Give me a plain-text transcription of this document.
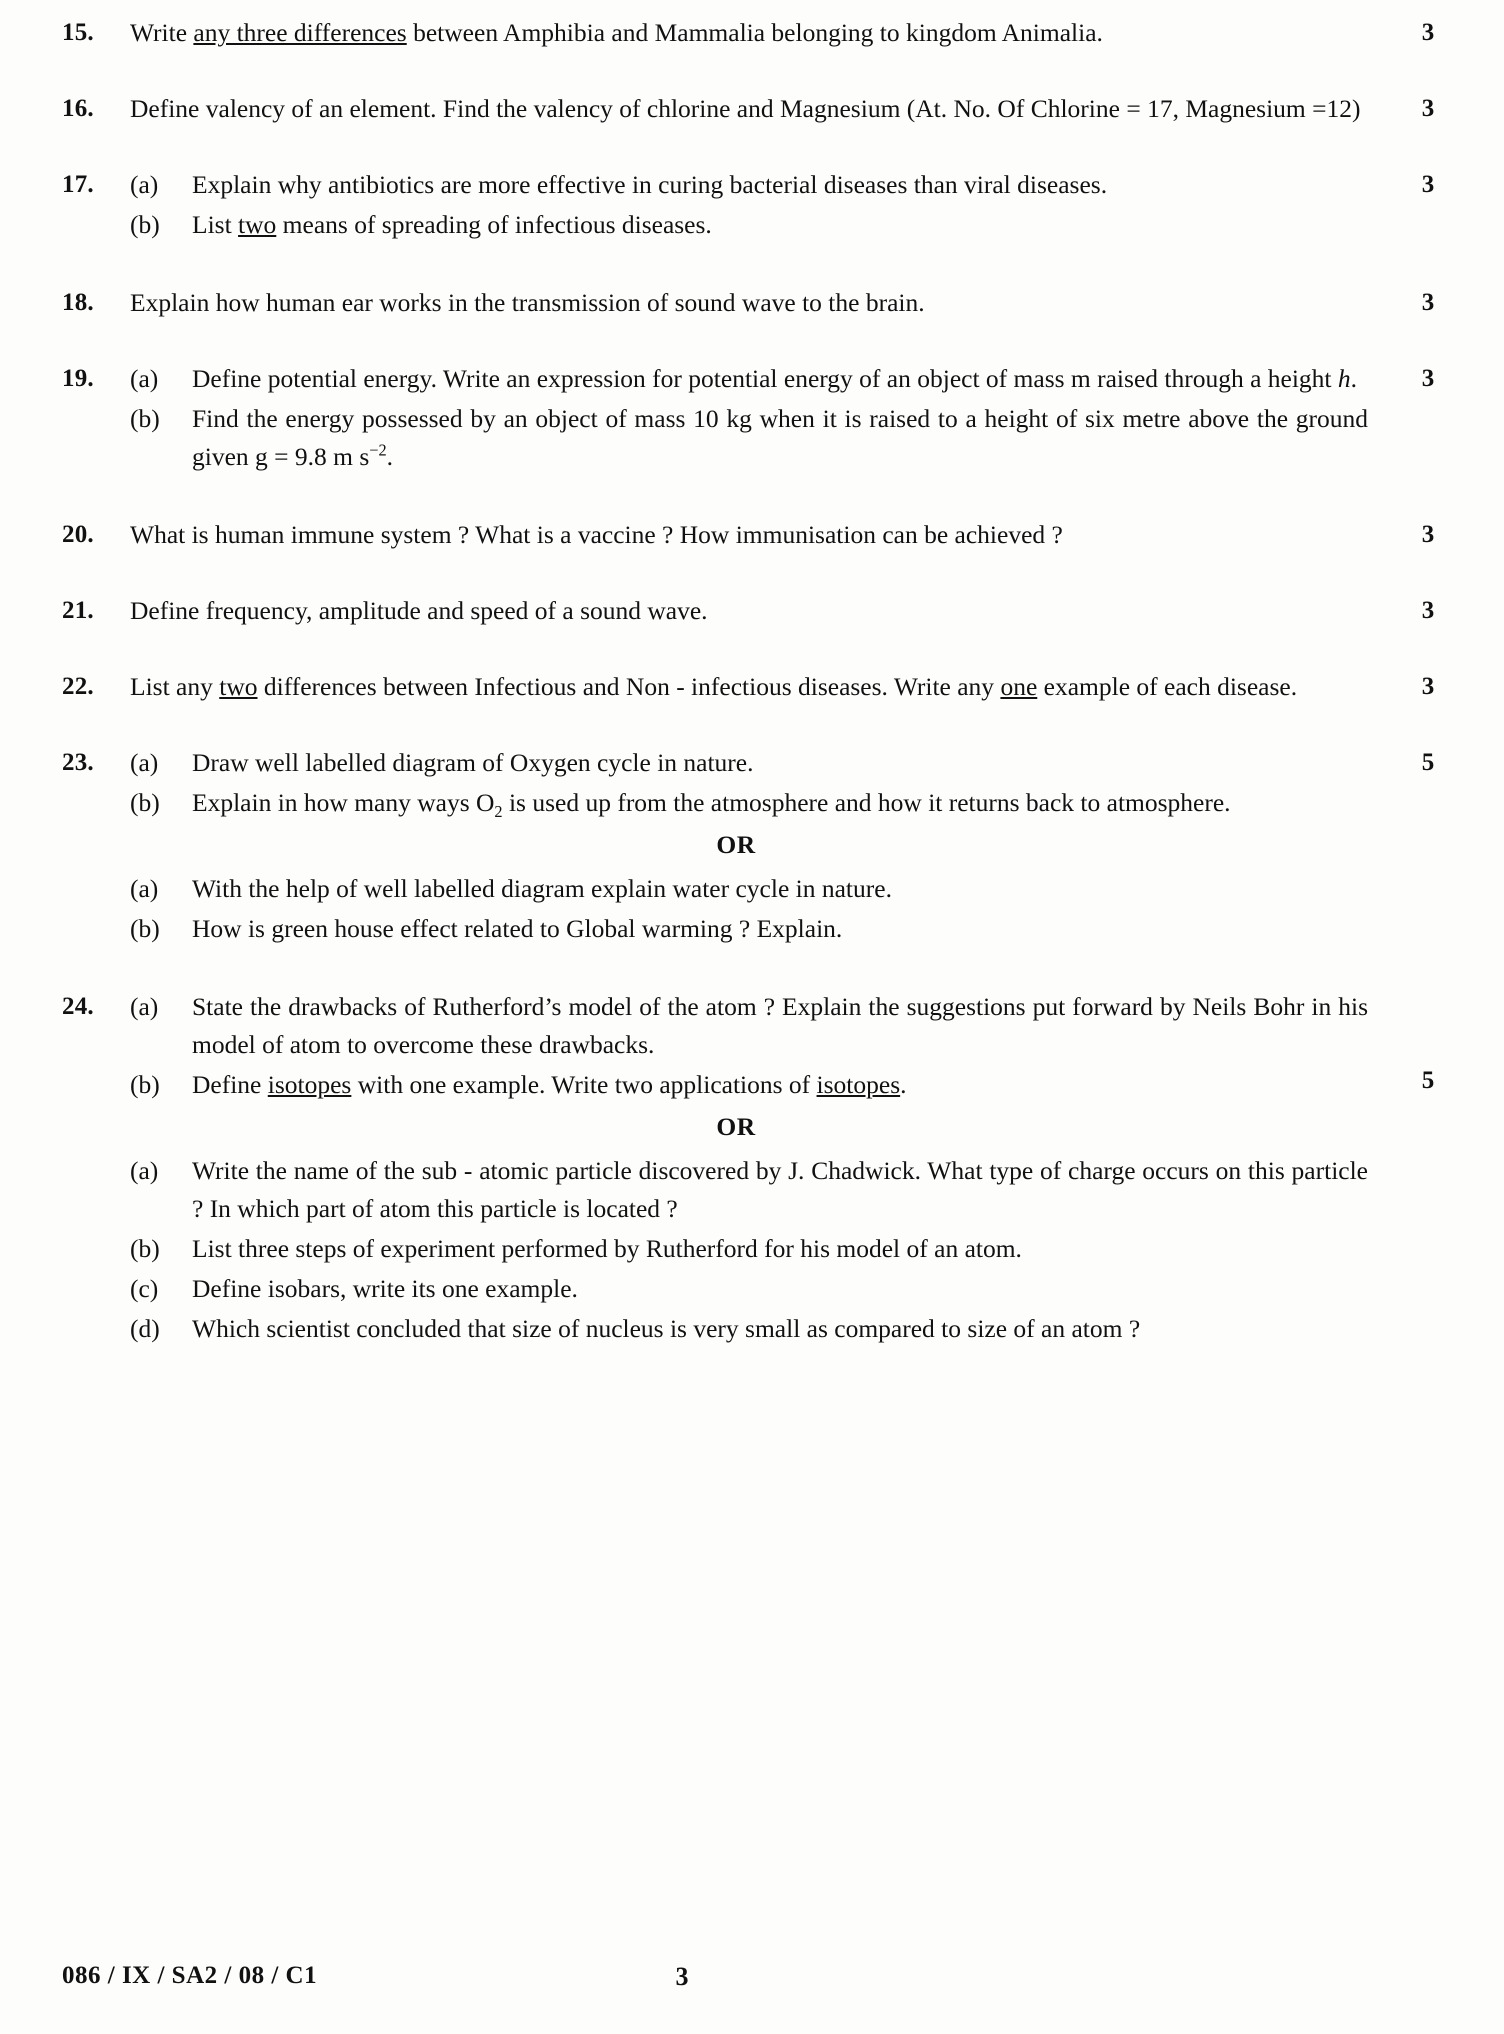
15.	Write any three differences between Amphibia and Mammalia belonging to kingdom Animalia.	3
16.	Define valency of an element. Find the valency of chlorine and Magnesium (At. No. Of Chlorine = 17, Magnesium =12)	3
17.	(a)	Explain why antibiotics are more effective in curing bacterial diseases than viral diseases.
(b)	List two means of spreading of infectious diseases.
3
18.	Explain how human ear works in the transmission of sound wave to the brain.	3
19.	(a)	Define potential energy. Write an expression for potential energy of an object of mass m raised through a height h.
(b)	Find the energy possessed by an object of mass 10 kg when it is raised to a height of six metre above the ground given g = 9.8 m $s^{-2}$.
3
20.	What is human immune system ? What is a vaccine ? How immunisation can be achieved ?	3
21.	Define frequency, amplitude and speed of a sound wave.	3
22.	List any two differences between Infectious and Non - infectious diseases. Write any one example of each disease.	3
23.	(a)	Draw well labelled diagram of Oxygen cycle in nature.
(b)	Explain in how many ways $O_2$ is used up from the atmosphere and how it returns back to atmosphere.
OR
(a)	With the help of well labelled diagram explain water cycle in nature.
(b)	How is green house effect related to Global warming ? Explain.
5
24.	(a)	State the drawbacks of Rutherford’s model of the atom ? Explain the suggestions put forward by Neils Bohr in his model of atom to overcome these drawbacks.
(b)	Define isotopes with one example. Write two applications of isotopes.
OR
(a)	Write the name of the sub - atomic particle discovered by J. Chadwick. What type of charge occurs on this particle ? In which part of atom this particle is located ?
(b)	List three steps of experiment performed by Rutherford for his model of an atom.
(c)	Define isobars, write its one example.
(d)	Which scientist concluded that size of nucleus is very small as compared to size of an atom ?
5
086 / IX / SA2 / 08 / C1	3
